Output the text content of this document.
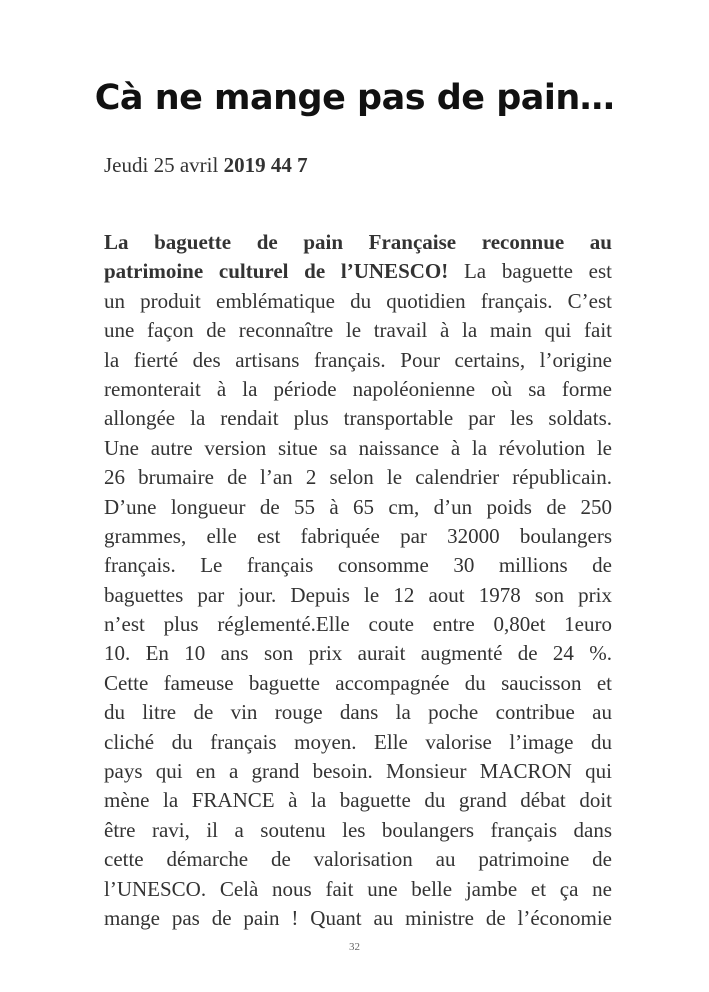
Cà ne mange pas de pain…
Jeudi 25 avril 2019 44 7
La baguette de pain Française reconnue au
patrimoine culturel de l’UNESCO! La baguette est
un produit emblématique du quotidien français. C’est
une façon de reconnaître le travail à la main qui fait
la fierté des artisans français. Pour certains, l’origine
remonterait à la période napoléonienne où sa forme
allongée la rendait plus transportable par les soldats.
Une autre version situe sa naissance à la révolution le
26 brumaire de l’an 2 selon le calendrier républicain.
D’une longueur de 55 à 65 cm, d’un poids de 250
grammes, elle est fabriquée par 32000 boulangers
français. Le français consomme 30 millions de
baguettes par jour. Depuis le 12 aout 1978 son prix
n’est plus réglementé.Elle coute entre 0,80et 1euro
10. En 10 ans son prix aurait augmenté de 24 %.
Cette fameuse baguette accompagnée du saucisson et
du litre de vin rouge dans la poche contribue au
cliché du français moyen. Elle valorise l’image du
pays qui en a grand besoin. Monsieur MACRON qui
mène la FRANCE à la baguette du grand débat doit
être ravi, il a soutenu les boulangers français dans
cette démarche de valorisation au patrimoine de
l’UNESCO. Celà nous fait une belle jambe et ça ne
mange pas de pain ! Quant au ministre de l’économie
32
